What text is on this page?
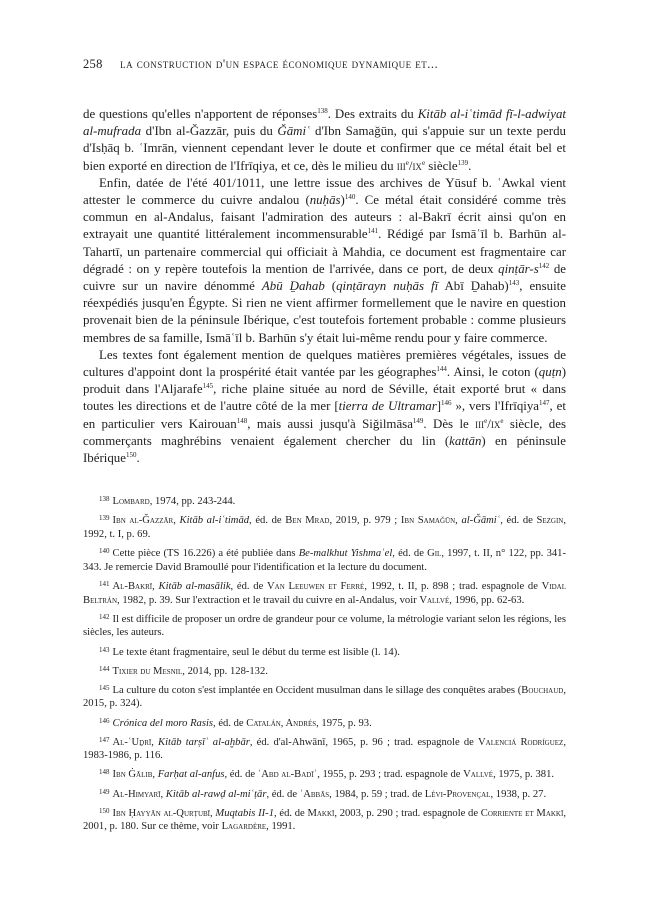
258 la construction d'un espace économique dynamique et...

de questions qu'elles n'apportent de réponses$^{138}$. Des extraits du Kitāb al-iʿtimād fī-l-adwiyat al-mufrada d'Ibn al-Ǧazzār, puis du Ǧāmiʿ d'Ibn Samaǧūn, qui s'appuie sur un texte perdu d'Isḥāq b. ʿImrān, viennent cependant lever le doute et confirmer que ce métal était bel et bien exporté en direction de l'Ifrīqiya, et ce, dès le milieu du $iii^e/ix^e$ siècle$^{139}$.

Enfin, datée de l'été 401/1011, une lettre issue des archives de Yūsuf b. ʿAwkal vient attester le commerce du cuivre andalou (nuḥās)$^{140}$. Ce métal était considéré comme très commun en al-Andalus, faisant l'admiration des auteurs : al-Bakrī écrit ainsi qu'on en extrayait une quantité littéralement incommensurable$^{141}$. Rédigé par Ismāʿīl b. Barhūn al-Tahartī, un partenaire commercial qui officiait à Mahdia, ce document est fragmentaire car dégradé : on y repère toutefois la mention de l'arrivée, dans ce port, de deux qinṭār-$s^{142}$ de cuivre sur un navire dénommé Abū Ḏahab (qinṭārayn nuḥās fī Abī Ḏahab)$^{143}$, ensuite réexpédiés jusqu'en Égypte. Si rien ne vient affirmer formellement que le navire en question provenait bien de la péninsule Ibérique, c'est toutefois fortement probable : comme plusieurs membres de sa famille, Ismāʿīl b. Barhūn s'y était lui-même rendu pour y faire commerce.

Les textes font également mention de quelques matières premières végétales, issues de cultures d'appoint dont la prospérité était vantée par les géographes$^{144}$. Ainsi, le coton (quṭn) produit dans l'Aljarafe$^{145}$, riche plaine située au nord de Séville, était exporté brut « dans toutes les directions et de l'autre côté de la mer [tierra de Ultramar]$^{146}$ », vers l'Ifrīqiya$^{147}$, et en particulier vers Kairouan$^{148}$, mais aussi jusqu'à Siǧilmāsa$^{149}$. Dès le $iii^e/ix^e$ siècle, des commerçants maghrébins venaient également chercher du lin (kattān) en péninsule Ibérique$^{150}$.

$^{138}$ Lombard, 1974, pp. 243-244.

$^{139}$ Ibn al-Ǧazzār, Kitāb al-iʿtimād, éd. de Ben Mrad, 2019, p. 979 ; Ibn Samaǧūn, al-Ǧāmiʿ, éd. de Sezgin, 1992, t. I, p. 69.

$^{140}$ Cette pièce (TS 16.226) a été publiée dans Be-malkhut Yishmaʿel, éd. de Gil, 1997, t. II, n° 122, pp. 341-343. Je remercie David Bramoullé pour l'identification et la lecture du document.

$^{141}$ Al-Bakrī, Kitāb al-masālik, éd. de Van Leeuwen et Ferré, 1992, t. II, p. 898 ; trad. espagnole de Vidal Beltrán, 1982, p. 39. Sur l'extraction et le travail du cuivre en al-Andalus, voir Vallvé, 1996, pp. 62-63.

$^{142}$ Il est difficile de proposer un ordre de grandeur pour ce volume, la métrologie variant selon les régions, les siècles, les auteurs.

$^{143}$ Le texte étant fragmentaire, seul le début du terme est lisible (l. 14).

$^{144}$ Tixier du Mesnil, 2014, pp. 128-132.

$^{145}$ La culture du coton s'est implantée en Occident musulman dans le sillage des conquêtes arabes (Bouchaud, 2015, p. 324).

$^{146}$ Crónica del moro Rasis, éd. de Catalán, Andrés, 1975, p. 93.

$^{147}$ Al-ʿUḏrī, Kitāb tarṣīʿ al-aḫbār, éd. d'al-Ahwānī, 1965, p. 96 ; trad. espagnole de Valenciá Rodríguez, 1983-1986, p. 116.

$^{148}$ Ibn Ġālib, Farḥat al-anfus, éd. de ʿAbd al-Badīʿ, 1955, p. 293 ; trad. espagnole de Vallvé, 1975, p. 381.

$^{149}$ Al-Himyarī, Kitāb al-rawḍ al-miʿṭār, éd. de ʿAbbās, 1984, p. 59 ; trad. de Lévi-Provençal, 1938, p. 27.

$^{150}$ Ibn Ḥayyān al-Qurṭubī, Muqtabis II-1, éd. de Makkī, 2003, p. 290 ; trad. espagnole de Corriente et Makkī, 2001, p. 180. Sur ce thème, voir Lagardère, 1991.
